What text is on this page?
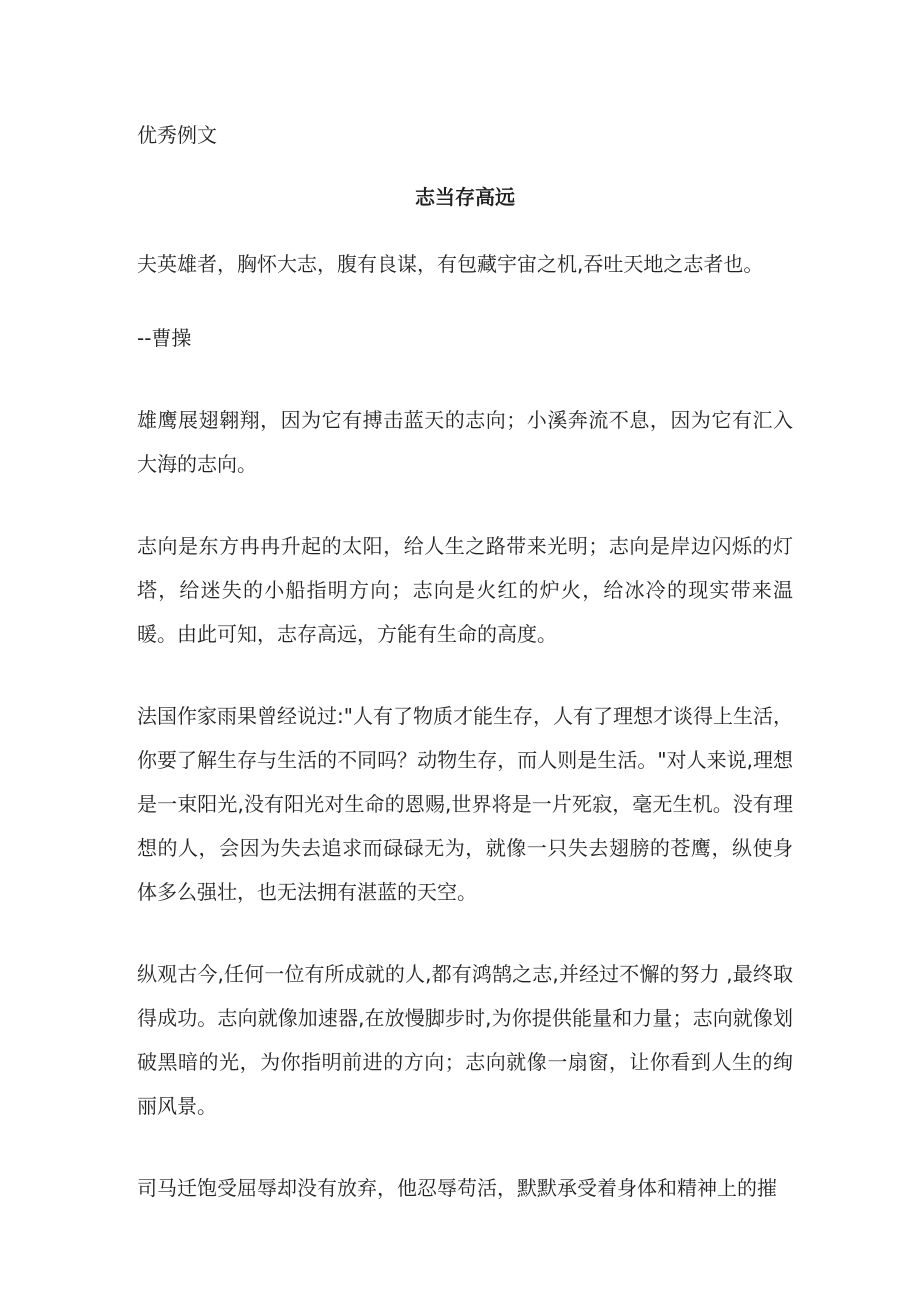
优秀例文
志当存高远

夫英雄者，胸怀大志，腹有良谋，有包藏宇宙之机,吞吐天地之志者也。

--曹操

雄鹰展翅翱翔，因为它有搏击蓝天的志向；小溪奔流不息，因为它有汇入大海的志向。

志向是东方冉冉升起的太阳，给人生之路带来光明；志向是岸边闪烁的灯塔，给迷失的小船指明方向；志向是火红的炉火，给冰冷的现实带来温暖。由此可知，志存高远，方能有生命的高度。

法国作家雨果曾经说过:"人有了物质才能生存，人有了理想才谈得上生活，你要了解生存与生活的不同吗？动物生存，而人则是生活。"对人来说,理想是一束阳光,没有阳光对生命的恩赐,世界将是一片死寂，毫无生机。没有理想的人，会因为失去追求而碌碌无为，就像一只失去翅膀的苍鹰，纵使身体多么强壮，也无法拥有湛蓝的天空。

纵观古今,任何一位有所成就的人,都有鸿鹄之志,并经过不懈的努力 ,最终取得成功。志向就像加速器,在放慢脚步时,为你提供能量和力量；志向就像划破黑暗的光，为你指明前进的方向；志向就像一扇窗，让你看到人生的绚丽风景。

司马迁饱受屈辱却没有放弃，他忍辱苟活，默默承受着身体和精神上的摧
